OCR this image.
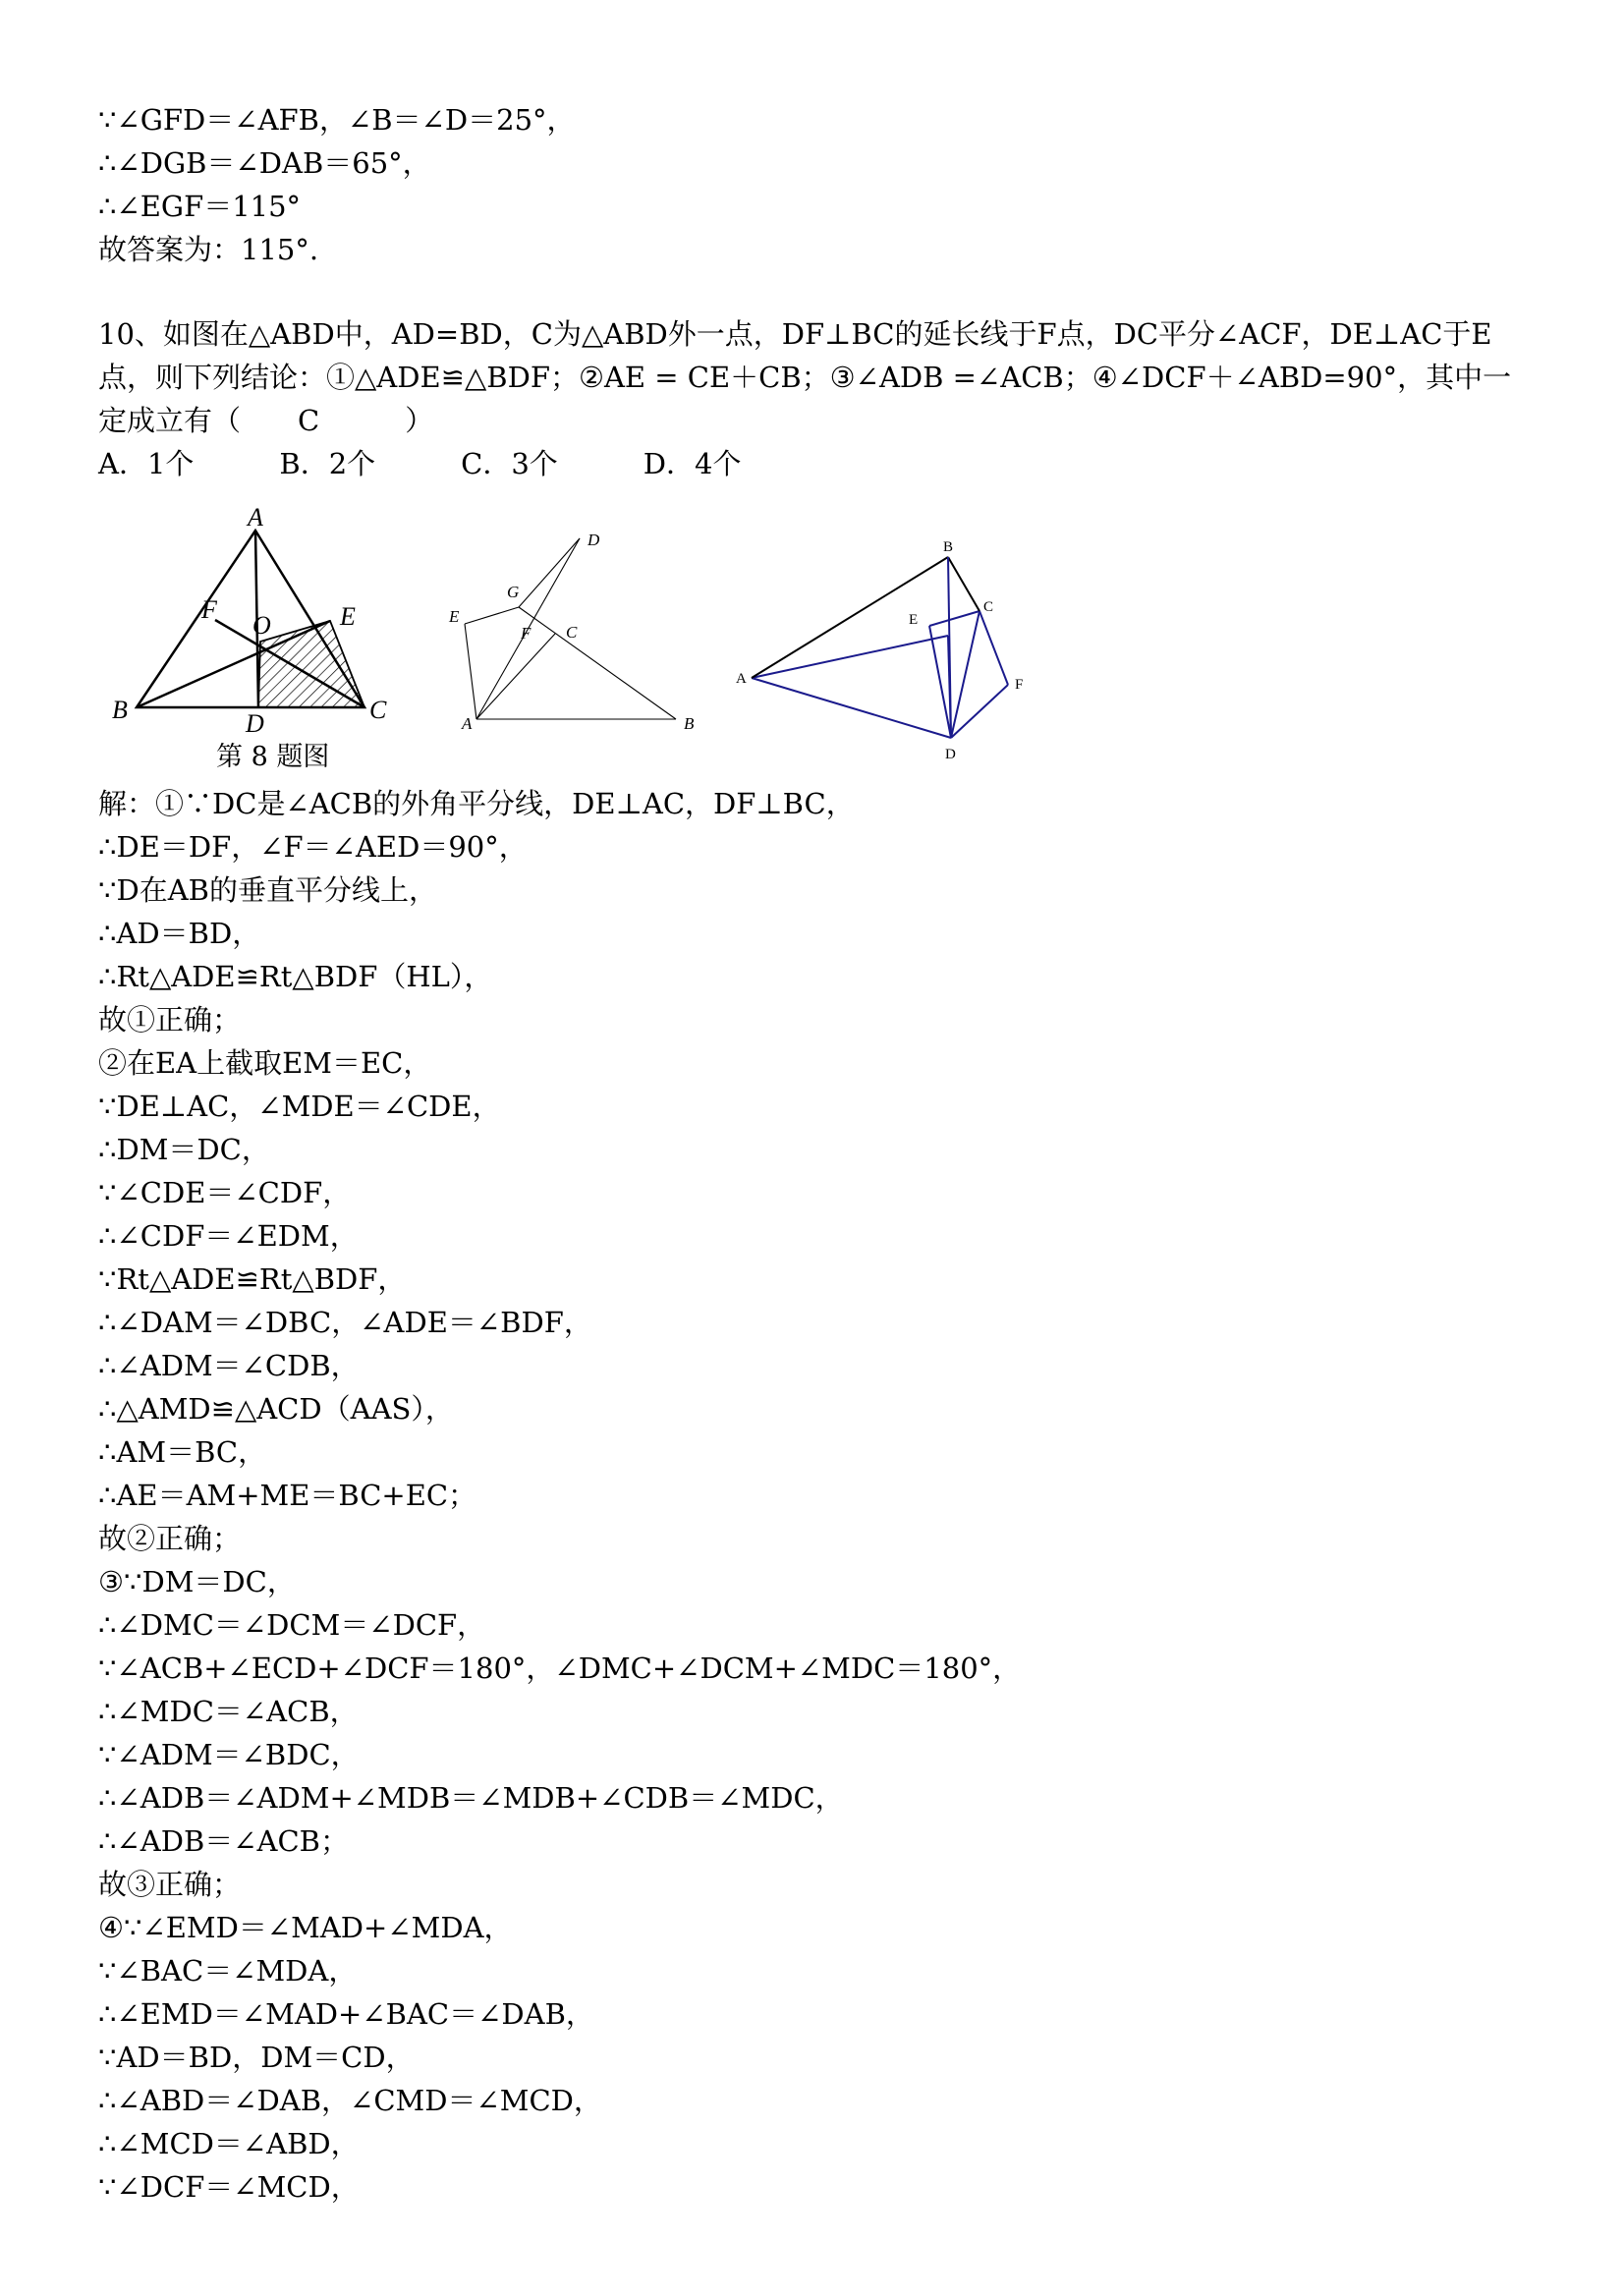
∵∠GFD＝∠AFB，∠B＝∠D＝25°，
∴∠DGB＝∠DAB＝65°，
∴∠EGF＝115°
故答案为：115°.
10、如图在△ABD中，AD=BD，C为△ABD外一点，DF⊥BC的延长线于F点，DC平分∠ACF，DE⊥AC于E点，则下列结论：①△ADE≌△BDF；②AE = CE＋CB；③∠ADB =∠ACB；④∠DCF＋∠ABD=90°，其中一定成立有（　　C　　　）
A．1个　　　B．2个　　　C．3个　　　D．4个
A
B	C
D
E
F
O
A	B
C
D
E
F
G
A
B
C
D
E
F
第 8 题图
解：①∵DC是∠ACB的外角平分线，DE⊥AC，DF⊥BC，
∴DE＝DF，∠F＝∠AED＝90°，
∵D在AB的垂直平分线上，
∴AD＝BD，
∴Rt△ADE≌Rt△BDF（HL），
故①正确；
②在EA上截取EM＝EC，
∵DE⊥AC，∠MDE＝∠CDE，
∴DM＝DC，
∵∠CDE＝∠CDF，
∴∠CDF＝∠EDM，
∵Rt△ADE≌Rt△BDF，
∴∠DAM＝∠DBC，∠ADE＝∠BDF，
∴∠ADM＝∠CDB，
∴△AMD≌△ACD（AAS），
∴AM＝BC，
∴AE＝AM+ME＝BC+EC；
故②正确；
③∵DM＝DC，
∴∠DMC＝∠DCM＝∠DCF，
∵∠ACB+∠ECD+∠DCF＝180°，∠DMC+∠DCM+∠MDC＝180°，
∴∠MDC＝∠ACB，
∵∠ADM＝∠BDC，
∴∠ADB＝∠ADM+∠MDB＝∠MDB+∠CDB＝∠MDC，
∴∠ADB＝∠ACB；
故③正确；
④∵∠EMD＝∠MAD+∠MDA，
∵∠BAC＝∠MDA，
∴∠EMD＝∠MAD+∠BAC＝∠DAB，
∵AD＝BD，DM＝CD，
∴∠ABD＝∠DAB，∠CMD＝∠MCD，
∴∠MCD＝∠ABD，
∵∠DCF＝∠MCD，
